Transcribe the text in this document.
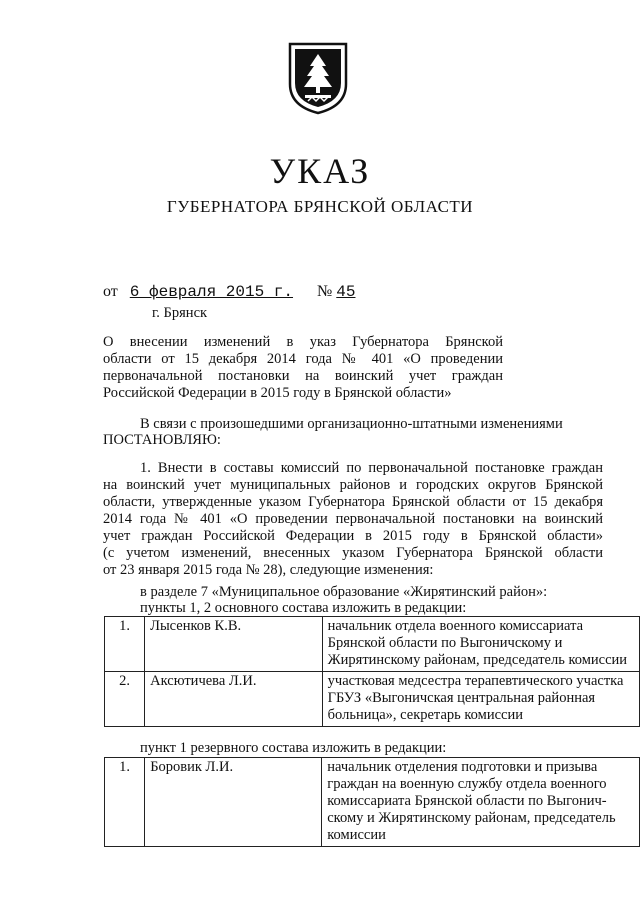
УКАЗ
ГУБЕРНАТОРА БРЯНСКОЙ ОБЛАСТИ
от 6 февраля 2015 г. № 45
г. Брянск
О внесении изменений в указ Губернатора Брянской
области от 15 декабря 2014 года № 401 «О проведении
первоначальной постановки на воинский учет граждан
Российской Федерации в 2015 году в Брянской области»
В связи с произошедшими организационно-штатными изменениями
ПОСТАНОВЛЯЮ:
1. Внести в составы комиссий по первоначальной постановке граждан
на воинский учет муниципальных районов и городских округов Брянской
области, утвержденные указом Губернатора Брянской области от 15 декабря
2014 года № 401 «О проведении первоначальной постановки на воинский
учет граждан Российской Федерации в 2015 году в Брянской области»
(с учетом изменений, внесенных указом Губернатора Брянской области
от 23 января 2015 года № 28), следующие изменения:
в разделе 7 «Муниципальное образование «Жирятинский район»:
пункты 1, 2 основного состава изложить в редакции:
1.	Лысенков К.В.	начальник отдела военного комиссариата
Брянской области по Выгоничскому и
Жирятинскому районам, председатель комиссии

2.	Аксютичева Л.И.	участковая медсестра терапевтического участка
ГБУЗ «Выгоничская центральная районная
больница», секретарь комиссии
пункт 1 резервного состава изложить в редакции:
1.	Боровик Л.И.	начальник отделения подготовки и призыва
граждан на военную службу отдела военного
комиссариата Брянской области по Выгонич-
скому и Жирятинскому районам, председатель
комиссии
